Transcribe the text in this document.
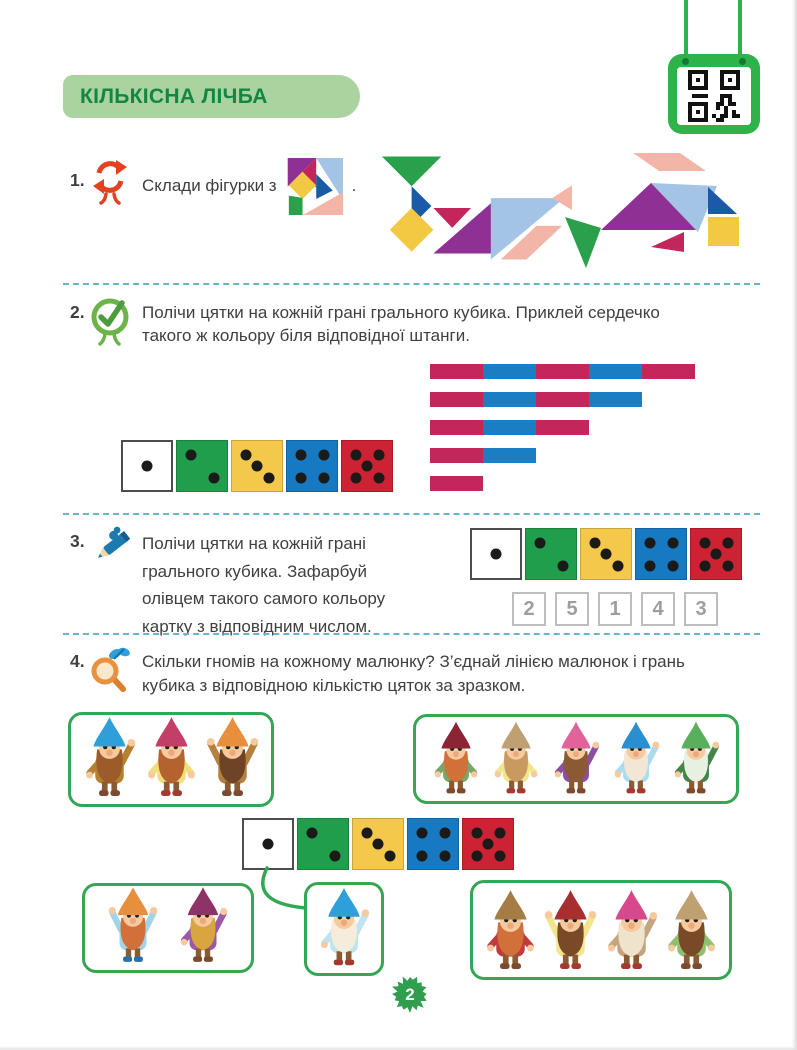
КІЛЬКІСНА ЛІЧБА
1.	Склади фігурки з	.
2.	Полічи цятки на кожній грані грального кубика. Приклей сердечко
такого ж кольору біля відповідної штанги.
3.	Полічи цятки на кожній грані
грального кубика. Зафарбуй
олівцем такого самого кольору
картку з відповідним числом.
2	5	1	4	3
4.	Скільки гномів на кожному малюнку? З’єднай лінією малюнок і грань
кубика з відповідною кількістю цяток за зразком.
2
